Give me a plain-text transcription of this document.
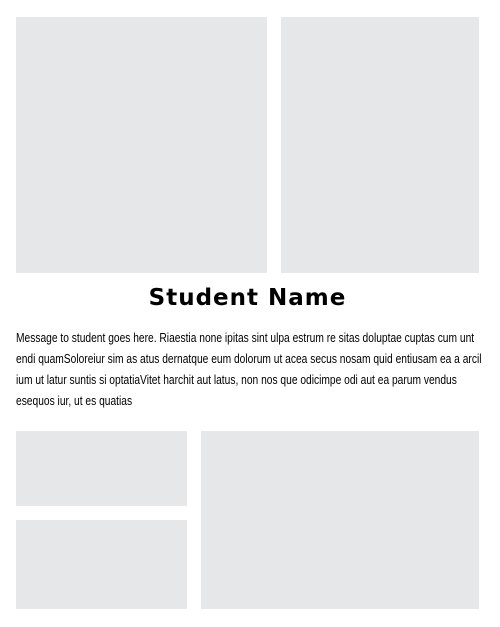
Student Name

Message to student goes here. Riaestia none ipitas sint ulpa estrum re sitas doluptae cuptas cum unt endi quamSoloreiur sim as atus dernatque eum dolorum ut acea secus nosam quid entiusam ea a arcil ium ut latur suntis si optatiaVitet harchit aut latus, non nos que odicimpe odi aut ea parum vendus esequos iur, ut es quatias
